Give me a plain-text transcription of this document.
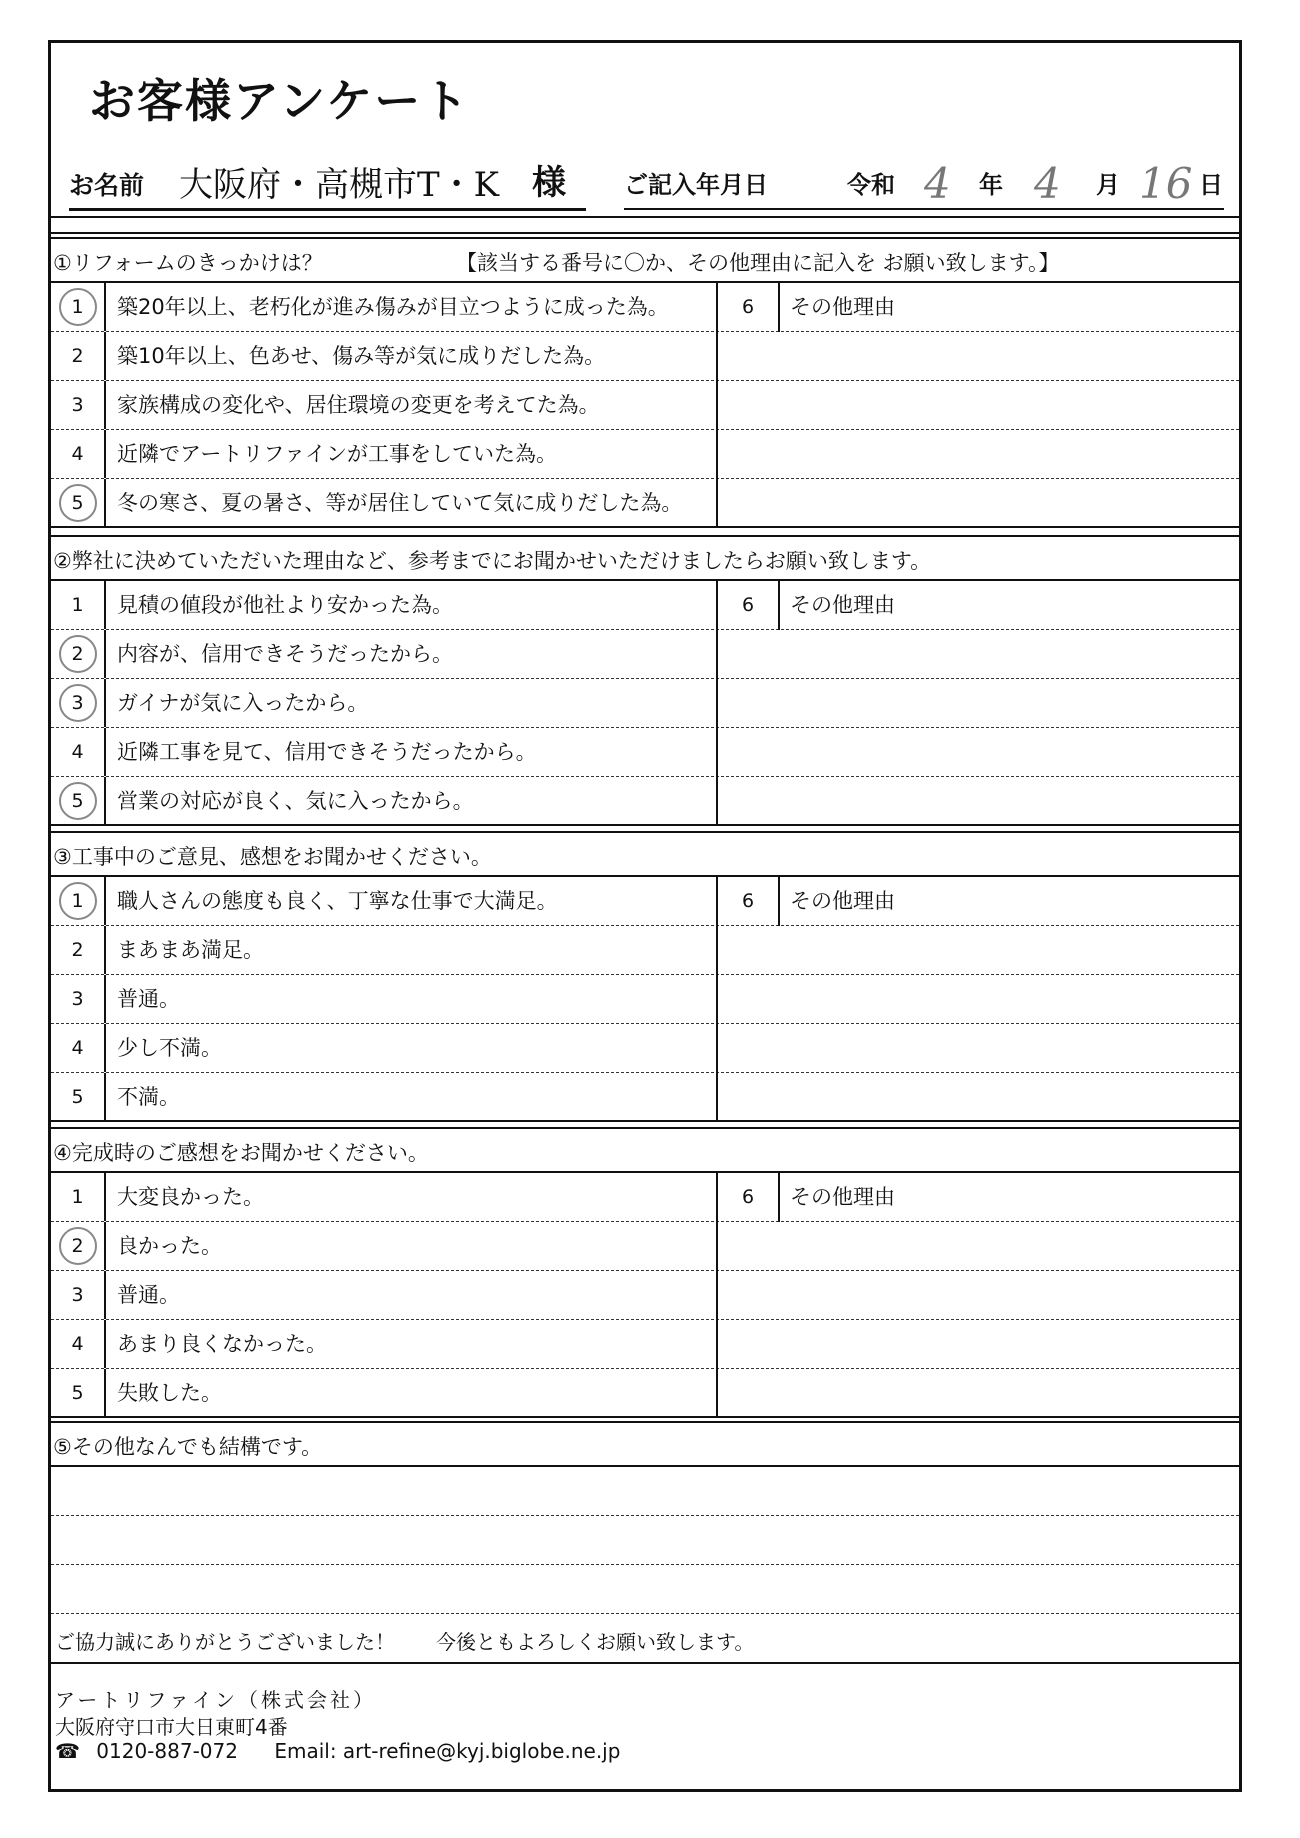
お客様アンケート
お名前 大阪府・高槻市T・K 様 ご記入年月日	令和 4 年 4 月 16 日
①リフォームのきっかけは？	【該当する番号に〇か、その他理由に記入を お願い致します。】
1	築20年以上、老朽化が進み傷みが目立つように成った為。	6	その他理由
2	築10年以上、色あせ、傷み等が気に成りだした為。
3	家族構成の変化や、居住環境の変更を考えてた為。
4	近隣でアートリファインが工事をしていた為。
5	冬の寒さ、夏の暑さ、等が居住していて気に成りだした為。
②弊社に決めていただいた理由など、参考までにお聞かせいただけましたらお願い致します。
1	見積の値段が他社より安かった為。	6	その他理由
2	内容が、信用できそうだったから。
3	ガイナが気に入ったから。
4	近隣工事を見て、信用できそうだったから。
5	営業の対応が良く、気に入ったから。
③工事中のご意見、感想をお聞かせください。
1	職人さんの態度も良く、丁寧な仕事で大満足。	6	その他理由
2	まあまあ満足。
3	普通。
4	少し不満。
5	不満。
④完成時のご感想をお聞かせください。
1	大変良かった。	6	その他理由
2	良かった。
3	普通。
4	あまり良くなかった。
5	失敗した。
⑤その他なんでも結構です。
ご協力誠にありがとうございました！ 今後ともよろしくお願い致します。
アートリファイン（株式会社）
大阪府守口市大日東町4番
☎ 0120-887-072 Email: art-refine@kyj.biglobe.ne.jp
